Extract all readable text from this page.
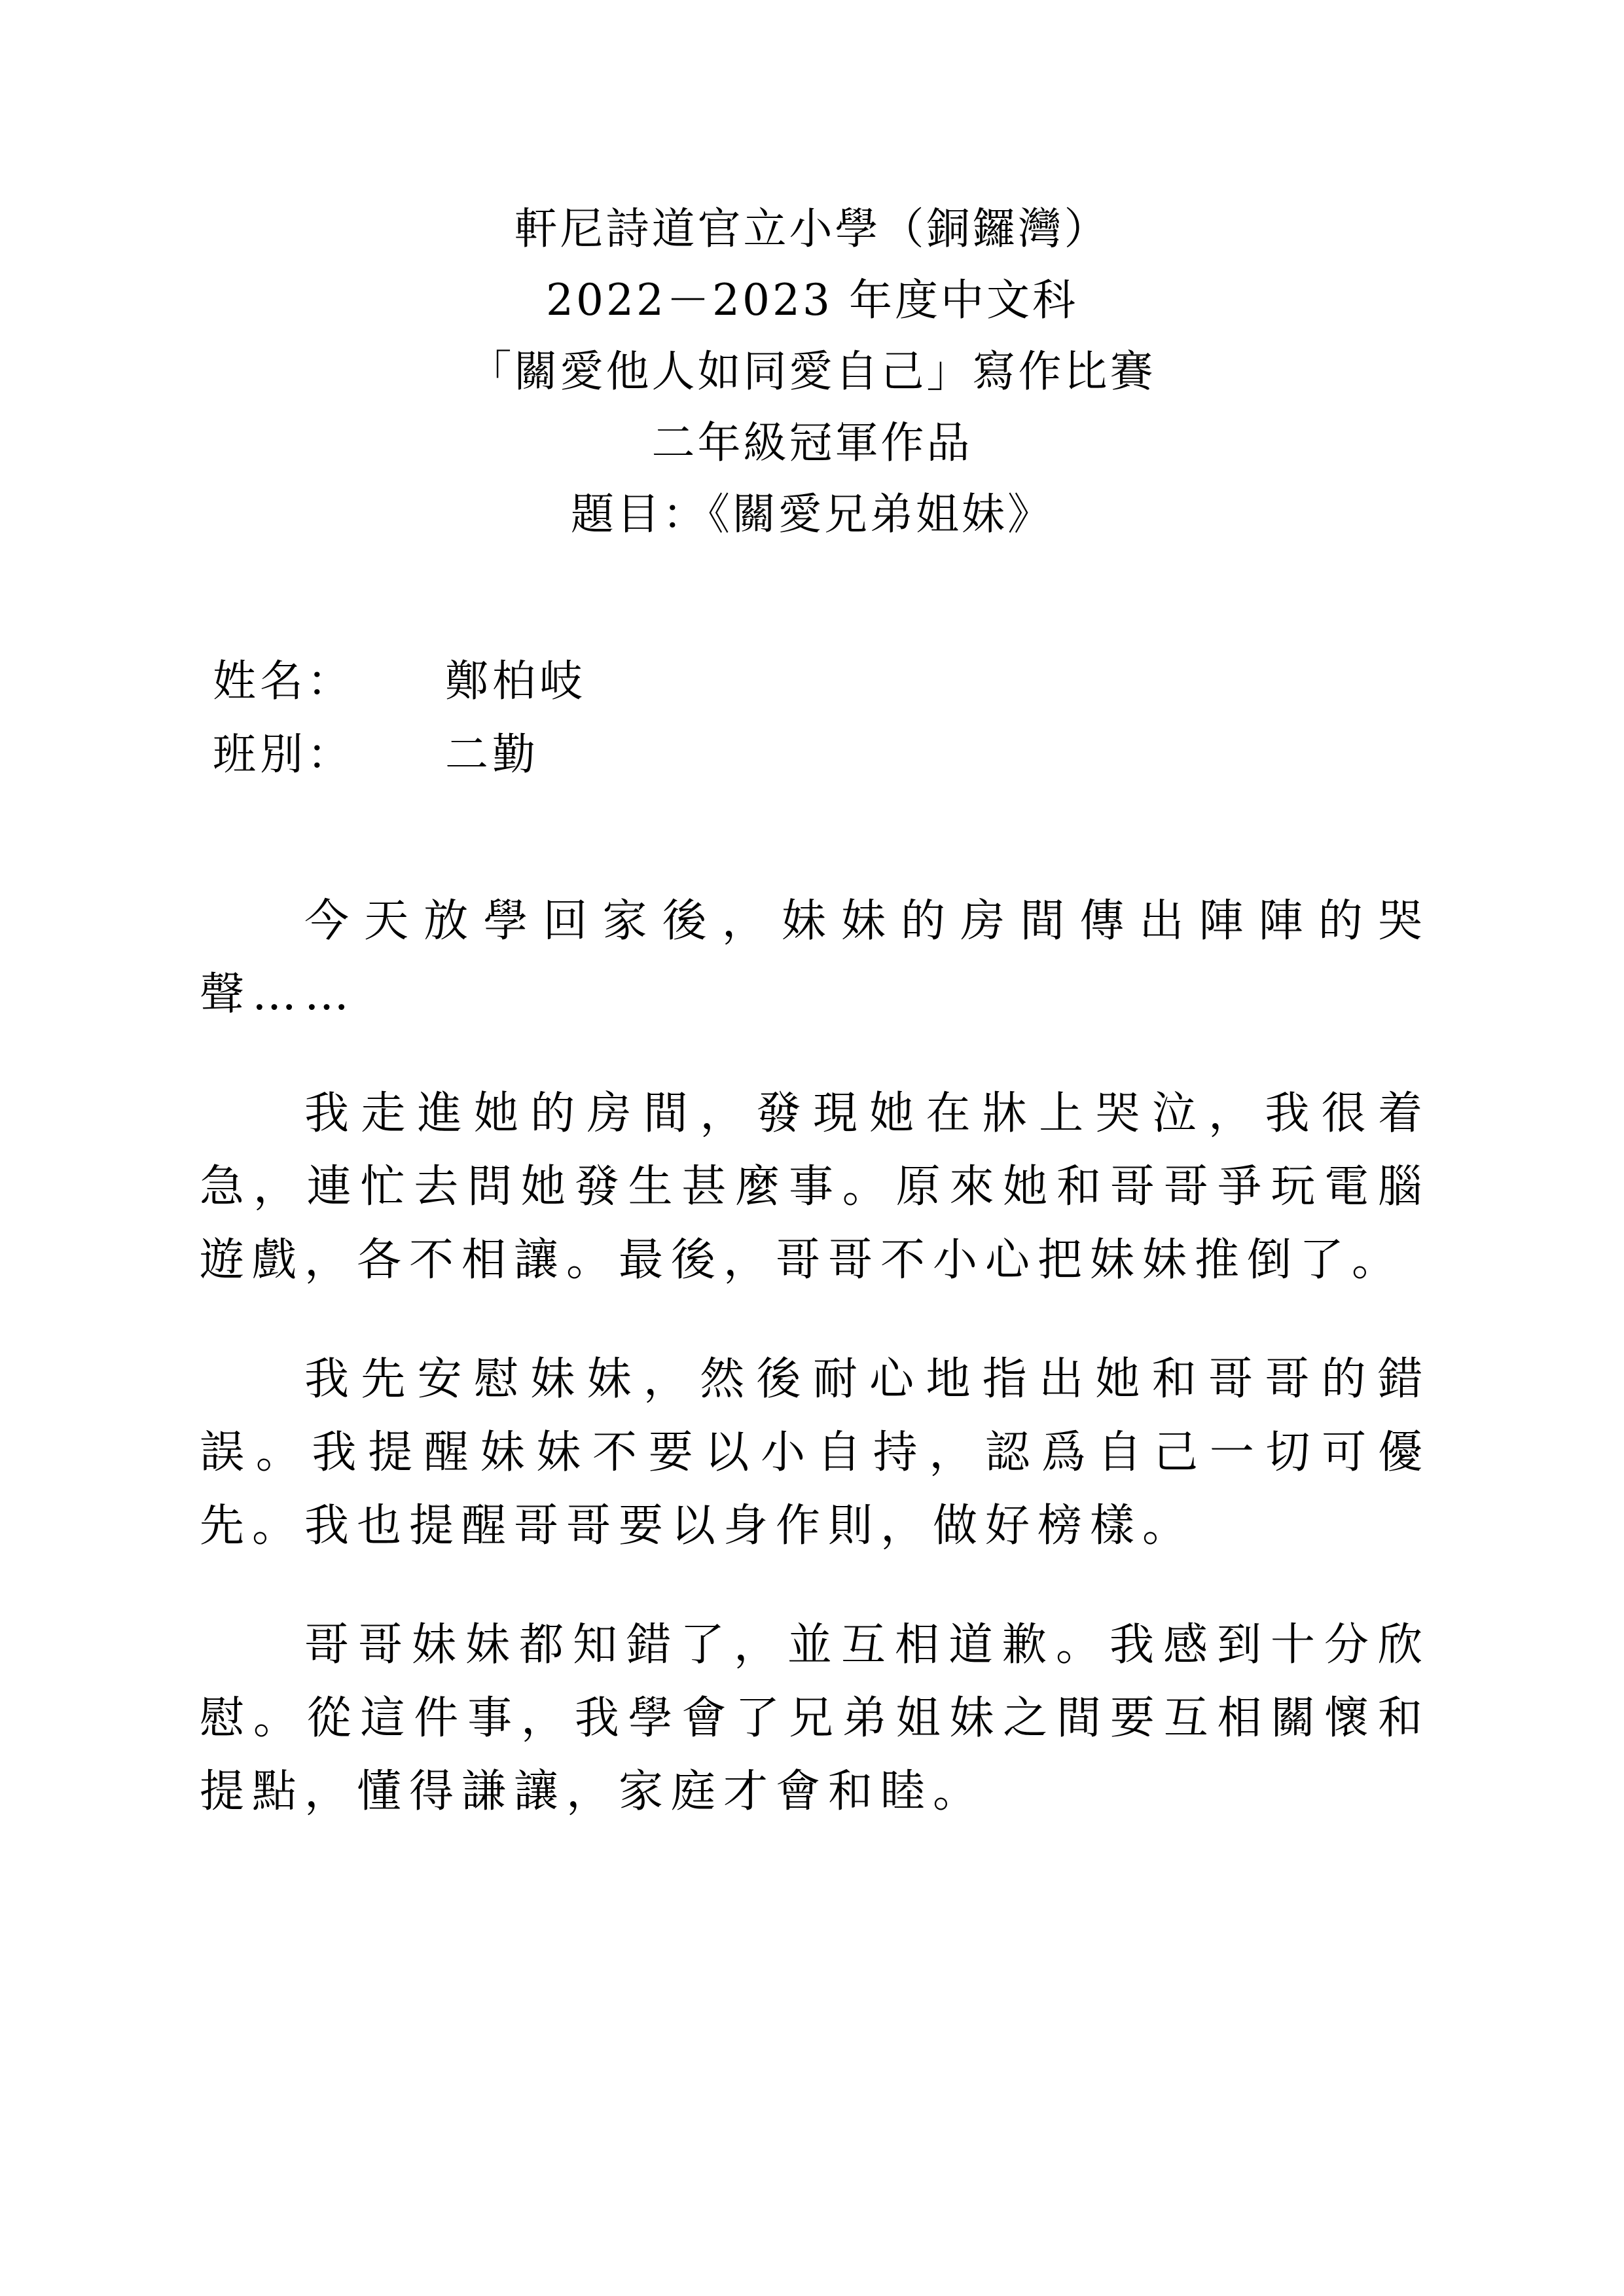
軒尼詩道官立小學（銅鑼灣）
2022－2023 年度中文科
「關愛他人如同愛自己」寫作比賽
二年級冠軍作品
題目：《關愛兄弟姐妹》
姓名： 鄭柏岐
班別： 二勤

今天放學回家後，妹妹的房間傳出陣陣的哭聲……

我走進她的房間，發現她在牀上哭泣，我很着急，連忙去問她發生甚麼事。原來她和哥哥爭玩電腦遊戲，各不相讓。最後，哥哥不小心把妹妹推倒了。

我先安慰妹妹，然後耐心地指出她和哥哥的錯誤。我提醒妹妹不要以小自持，認爲自己一切可優先。我也提醒哥哥要以身作則，做好榜樣。

哥哥妹妹都知錯了，並互相道歉。我感到十分欣慰。從這件事，我學會了兄弟姐妹之間要互相關懷和提點，懂得謙讓，家庭才會和睦。
